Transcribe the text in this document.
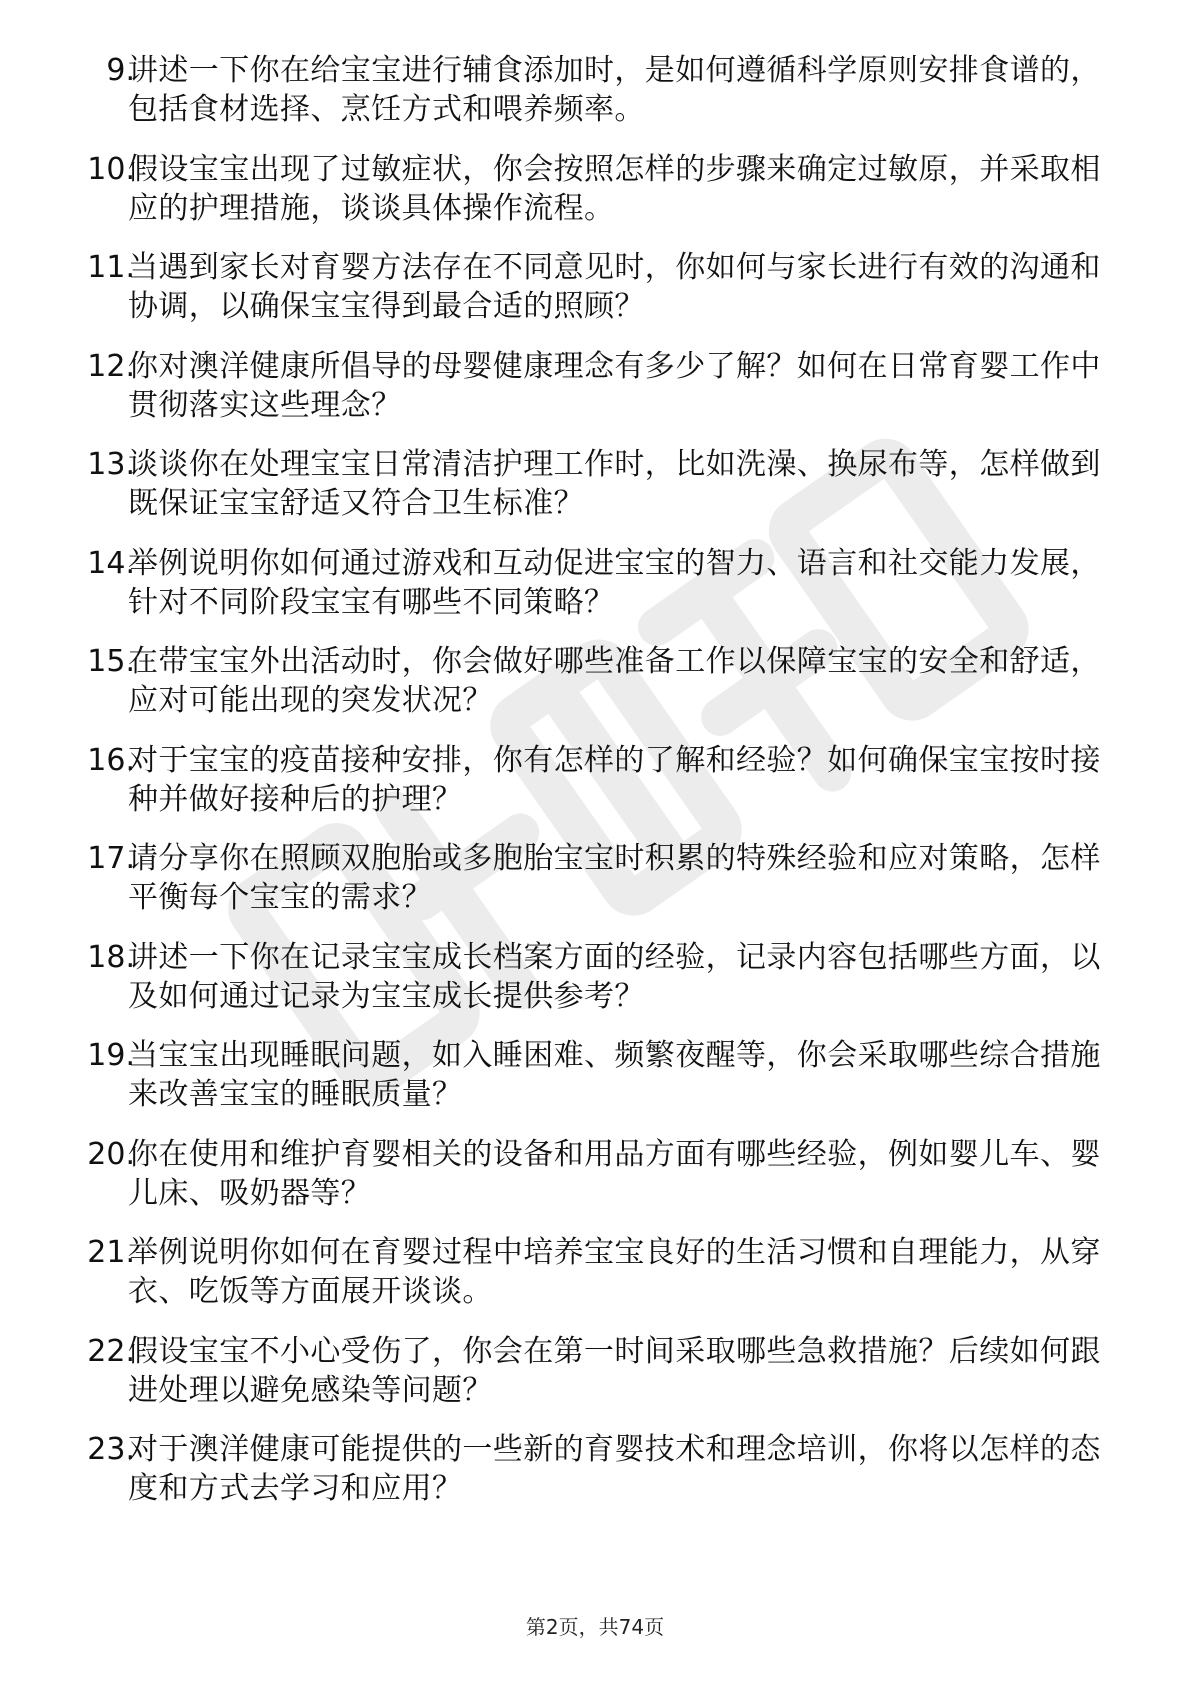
9.
讲述一下你在给宝宝进行辅食添加时，是如何遵循科学原则安排食谱的，包括食材选择、烹饪方式和喂养频率。
10.
假设宝宝出现了过敏症状，你会按照怎样的步骤来确定过敏原，并采取相应的护理措施，谈谈具体操作流程。
11.
当遇到家长对育婴方法存在不同意见时，你如何与家长进行有效的沟通和协调，以确保宝宝得到最合适的照顾？
12.
你对澳洋健康所倡导的母婴健康理念有多少了解？如何在日常育婴工作中贯彻落实这些理念？
13.
谈谈你在处理宝宝日常清洁护理工作时，比如洗澡、换尿布等，怎样做到既保证宝宝舒适又符合卫生标准？
14.
举例说明你如何通过游戏和互动促进宝宝的智力、语言和社交能力发展，针对不同阶段宝宝有哪些不同策略？
15.
在带宝宝外出活动时，你会做好哪些准备工作以保障宝宝的安全和舒适，应对可能出现的突发状况？
16.
对于宝宝的疫苗接种安排，你有怎样的了解和经验？如何确保宝宝按时接种并做好接种后的护理？
17.
请分享你在照顾双胞胎或多胞胎宝宝时积累的特殊经验和应对策略，怎样平衡每个宝宝的需求？
18.
讲述一下你在记录宝宝成长档案方面的经验，记录内容包括哪些方面，以及如何通过记录为宝宝成长提供参考？
19.
当宝宝出现睡眠问题，如入睡困难、频繁夜醒等，你会采取哪些综合措施来改善宝宝的睡眠质量？
20.
你在使用和维护育婴相关的设备和用品方面有哪些经验，例如婴儿车、婴儿床、吸奶器等？
21.
举例说明你如何在育婴过程中培养宝宝良好的生活习惯和自理能力，从穿衣、吃饭等方面展开谈谈。
22.
假设宝宝不小心受伤了，你会在第一时间采取哪些急救措施？后续如何跟进处理以避免感染等问题？
23.
对于澳洋健康可能提供的一些新的育婴技术和理念培训，你将以怎样的态度和方式去学习和应用？
第2页，共74页
